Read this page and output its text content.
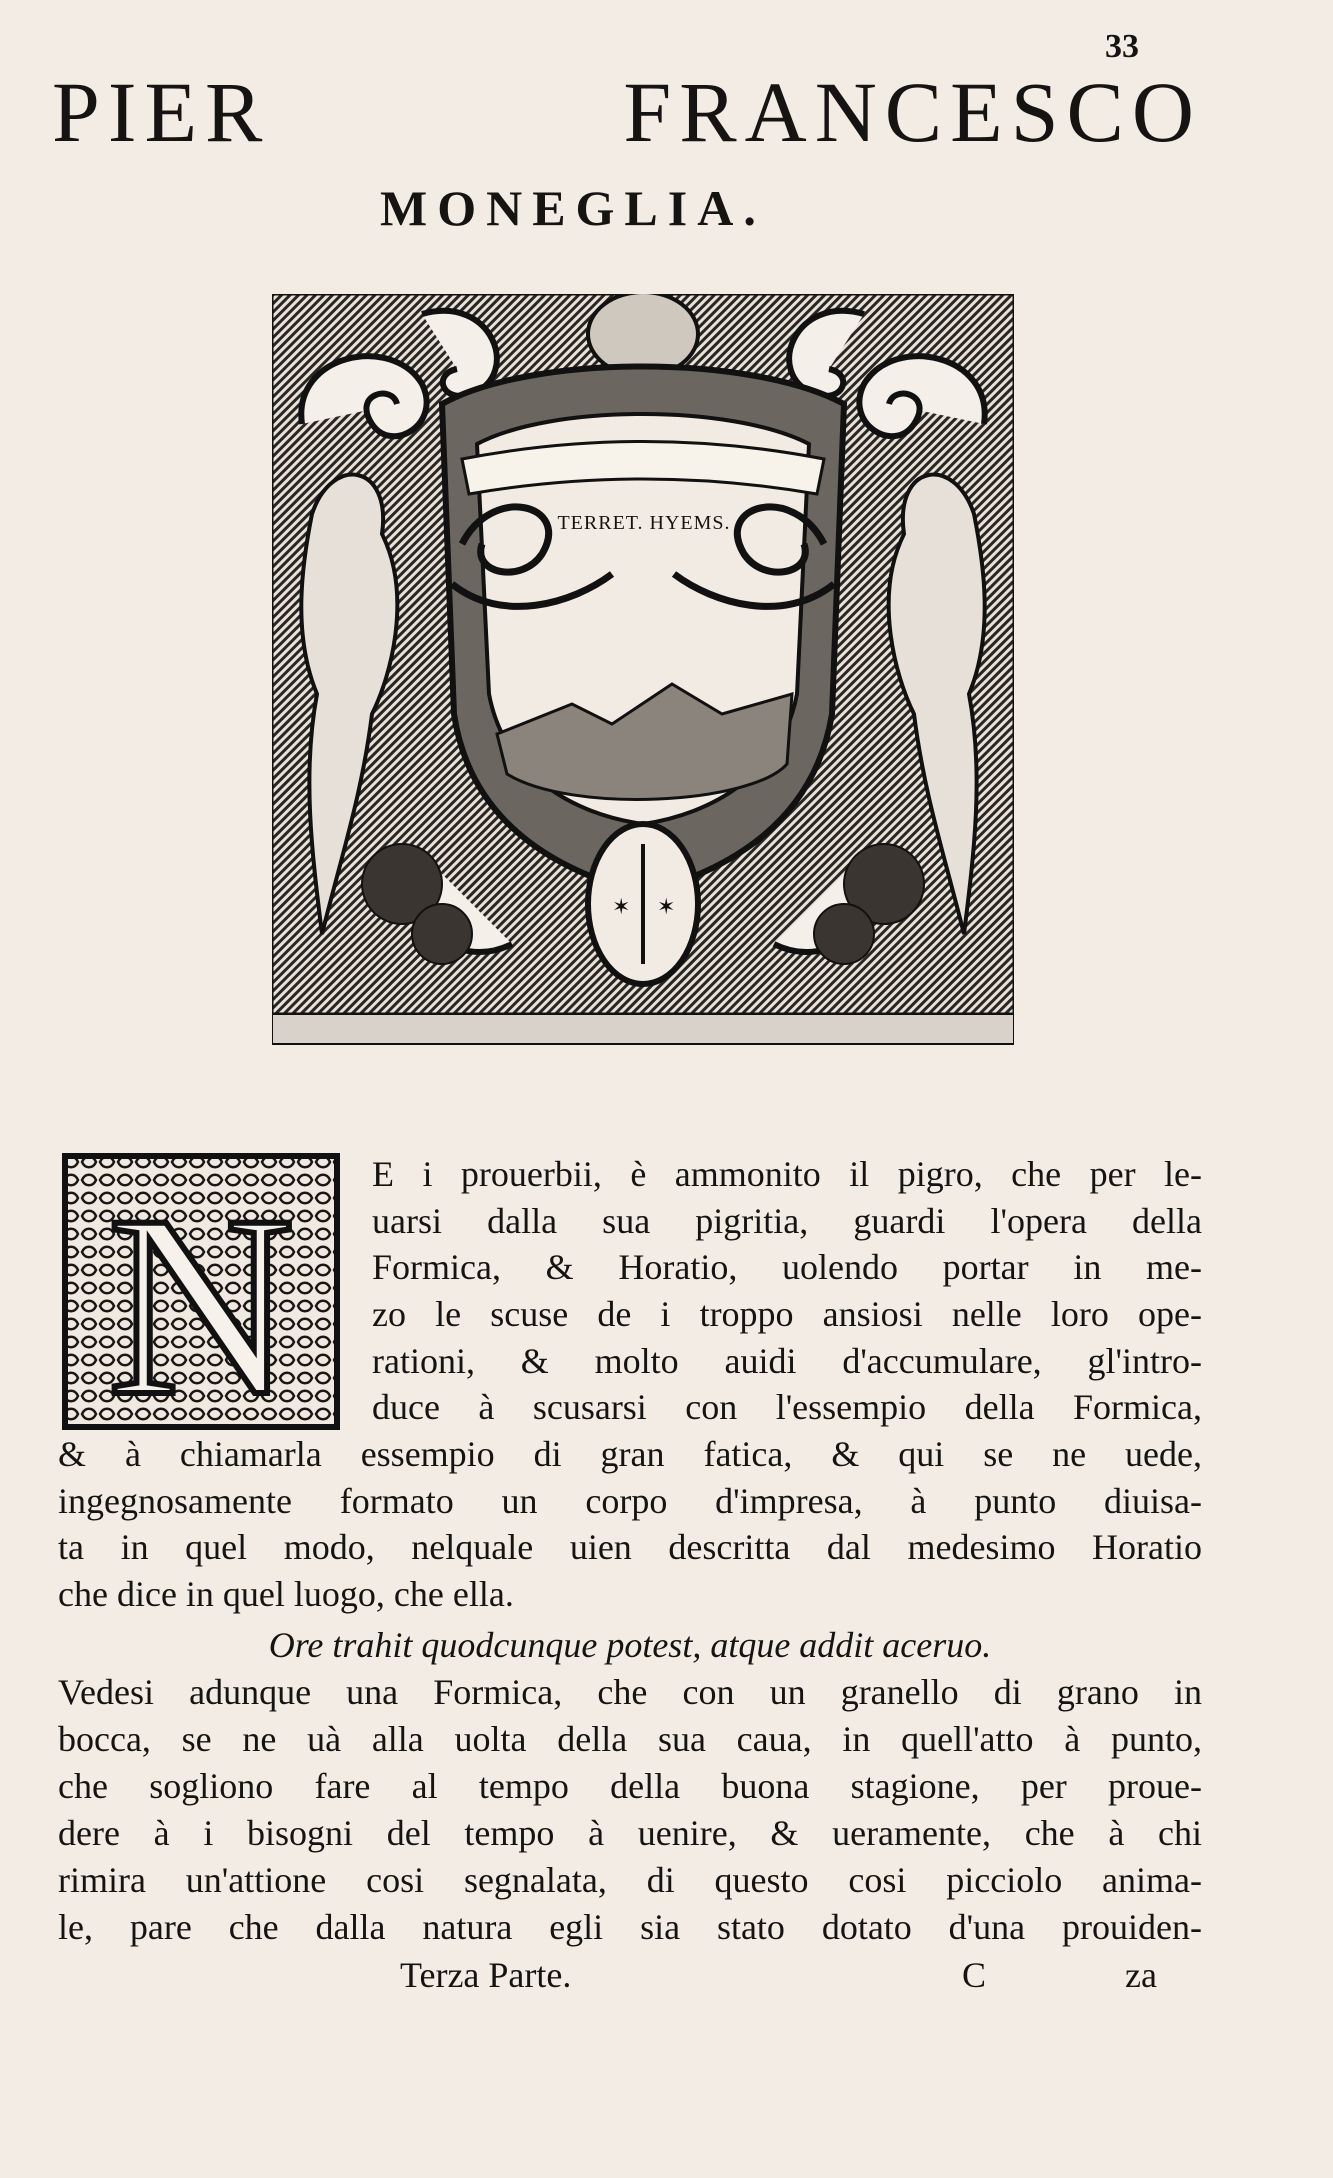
33
PIER FRANCESCO
MONEGLIA.
✶ ✶
TERRET. HYEMS.
N E i prouerbii, è ammonito il pigro, che per le-
uarsi dalla sua pigritia, guardi l'opera della
Formica, & Horatio, uolendo portar in me-
zo le scuse de i troppo ansiosi nelle loro ope-
rationi, & molto auidi d'accumulare, gl'intro-
duce à scusarsi con l'essempio della Formica,
& à chiamarla essempio di gran fatica, & qui se ne uede,
ingegnosamente formato un corpo d'impresa, à punto diuisa-
ta in quel modo, nelquale uien descritta dal medesimo Horatio
che dice in quel luogo, che ella.
Ore trahit quodcunque potest, atque addit aceruo.
Vedesi adunque una Formica, che con un granello di grano in
bocca, se ne uà alla uolta della sua caua, in quell'atto à punto,
che sogliono fare al tempo della buona stagione, per proue-
dere à i bisogni del tempo à uenire, & ueramente, che à chi
rimira un'attione cosi segnalata, di questo cosi picciolo anima-
le, pare che dalla natura egli sia stato dotato d'una prouiden-
Terza Parte.	C	za
